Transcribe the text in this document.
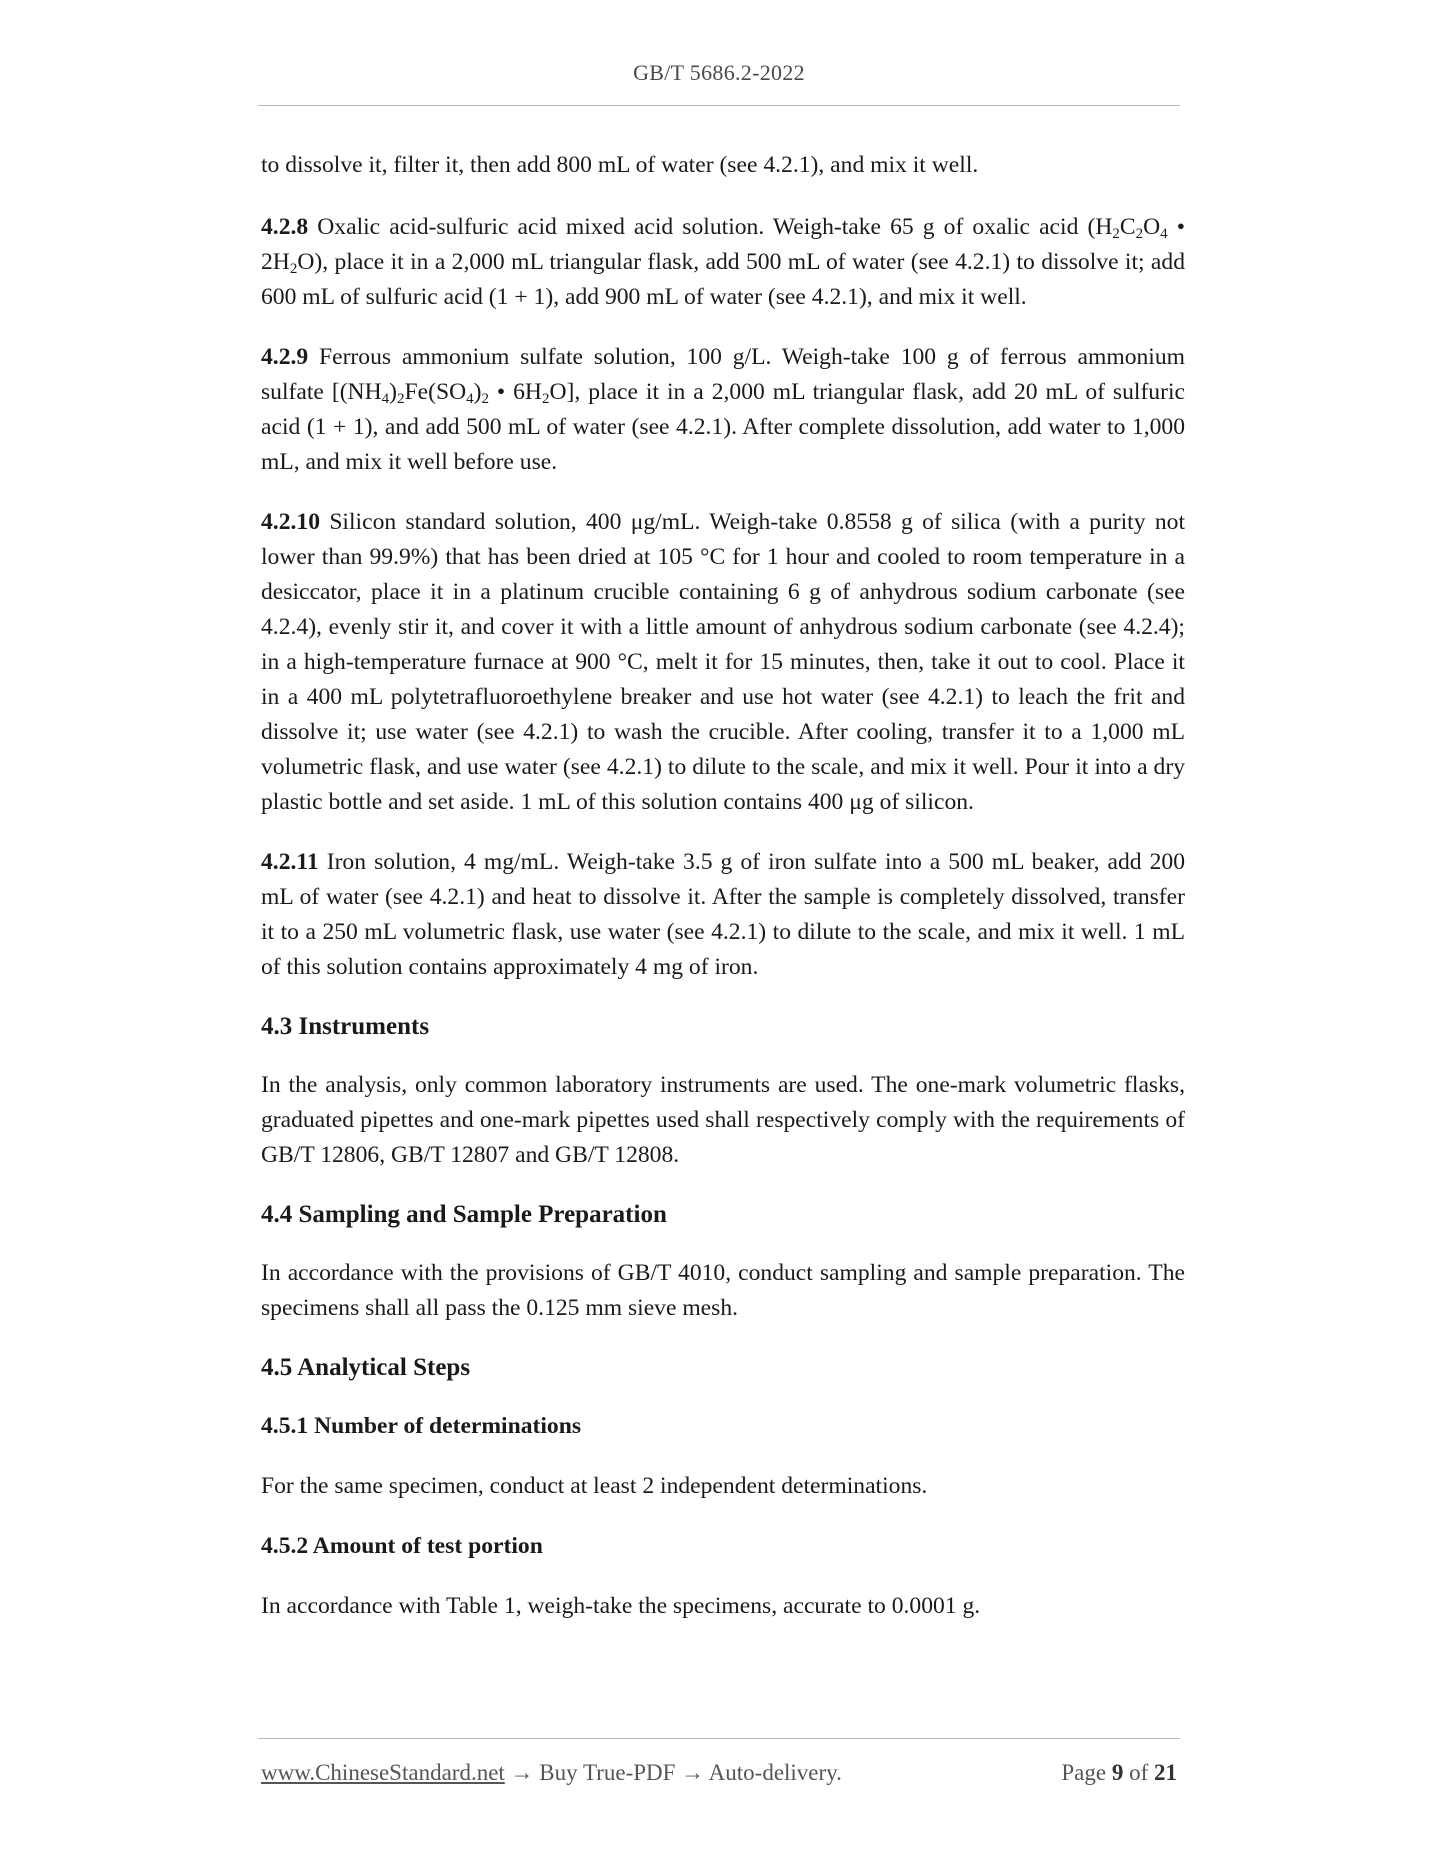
GB/T 5686.2-2022

to dissolve it, filter it, then add 800 mL of water (see 4.2.1), and mix it well.

4.2.8 Oxalic acid-sulfuric acid mixed acid solution. Weigh-take 65 g of oxalic acid ($H_2C_2O_4$ • $2H_2O$), place it in a 2,000 mL triangular flask, add 500 mL of water (see 4.2.1) to dissolve it; add 600 mL of sulfuric acid (1 + 1), add 900 mL of water (see 4.2.1), and mix it well.

4.2.9 Ferrous ammonium sulfate solution, 100 g/L. Weigh-take 100 g of ferrous ammonium sulfate [$(NH_4)_2Fe(SO_4)_2$ • $6H_2O$], place it in a 2,000 mL triangular flask, add 20 mL of sulfuric acid (1 + 1), and add 500 mL of water (see 4.2.1). After complete dissolution, add water to 1,000 mL, and mix it well before use.

4.2.10 Silicon standard solution, 400 μg/mL. Weigh-take 0.8558 g of silica (with a purity not lower than 99.9%) that has been dried at 105 °C for 1 hour and cooled to room temperature in a desiccator, place it in a platinum crucible containing 6 g of anhydrous sodium carbonate (see 4.2.4), evenly stir it, and cover it with a little amount of anhydrous sodium carbonate (see 4.2.4); in a high-temperature furnace at 900 °C, melt it for 15 minutes, then, take it out to cool. Place it in a 400 mL polytetrafluoroethylene breaker and use hot water (see 4.2.1) to leach the frit and dissolve it; use water (see 4.2.1) to wash the crucible. After cooling, transfer it to a 1,000 mL volumetric flask, and use water (see 4.2.1) to dilute to the scale, and mix it well. Pour it into a dry plastic bottle and set aside. 1 mL of this solution contains 400 μg of silicon.

4.2.11 Iron solution, 4 mg/mL. Weigh-take 3.5 g of iron sulfate into a 500 mL beaker, add 200 mL of water (see 4.2.1) and heat to dissolve it. After the sample is completely dissolved, transfer it to a 250 mL volumetric flask, use water (see 4.2.1) to dilute to the scale, and mix it well. 1 mL of this solution contains approximately 4 mg of iron.

4.3 Instruments

In the analysis, only common laboratory instruments are used. The one-mark volumetric flasks, graduated pipettes and one-mark pipettes used shall respectively comply with the requirements of GB/T 12806, GB/T 12807 and GB/T 12808.

4.4 Sampling and Sample Preparation

In accordance with the provisions of GB/T 4010, conduct sampling and sample preparation. The specimens shall all pass the 0.125 mm sieve mesh.

4.5 Analytical Steps
4.5.1 Number of determinations

For the same specimen, conduct at least 2 independent determinations.

4.5.2 Amount of test portion

In accordance with Table 1, weigh-take the specimens, accurate to 0.0001 g.

www.ChineseStandard.net → Buy True-PDF → Auto-delivery.	Page 9 of 21
